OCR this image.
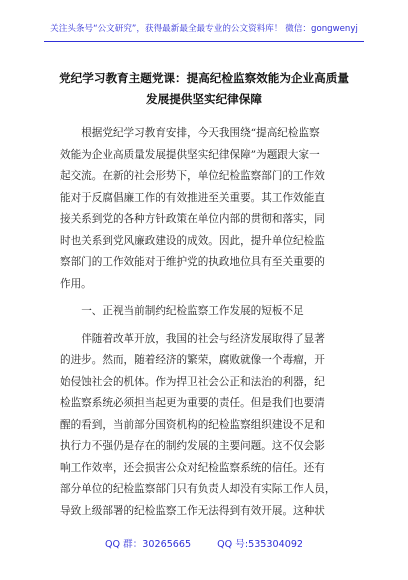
关注头条号“公文研究”，获得最新最全最专业的公文资料库！ 微信：gongwenyj
党纪学习教育主题党课：提高纪检监察效能为企业高质量
发展提供坚实纪律保障
根据党纪学习教育安排，今天我围绕“提高纪检监察
效能为企业高质量发展提供坚实纪律保障”为题跟大家一
起交流。在新的社会形势下，单位纪检监察部门的工作效
能对于反腐倡廉工作的有效推进至关重要。其工作效能直
接关系到党的各种方针政策在单位内部的贯彻和落实，同
时也关系到党风廉政建设的成效。因此，提升单位纪检监
察部门的工作效能对于维护党的执政地位具有至关重要的
作用。
一、正视当前制约纪检监察工作发展的短板不足
伴随着改革开放，我国的社会与经济发展取得了显著
的进步。然而，随着经济的繁荣，腐败就像一个毒瘤，开
始侵蚀社会的机体。作为捍卫社会公正和法治的利器，纪
检监察系统必须担当起更为重要的责任。但是我们也要清
醒的看到，当前部分国资机构的纪检监察组织建设不足和
执行力不强仍是存在的制约发展的主要问题。这不仅会影
响工作效率，还会损害公众对纪检监察系统的信任。还有
部分单位的纪检监察部门只有负责人却没有实际工作人员，
导致上级部署的纪检监察工作无法得到有效开展。这种状
QQ 群：30265665	QQ 号:535304092
